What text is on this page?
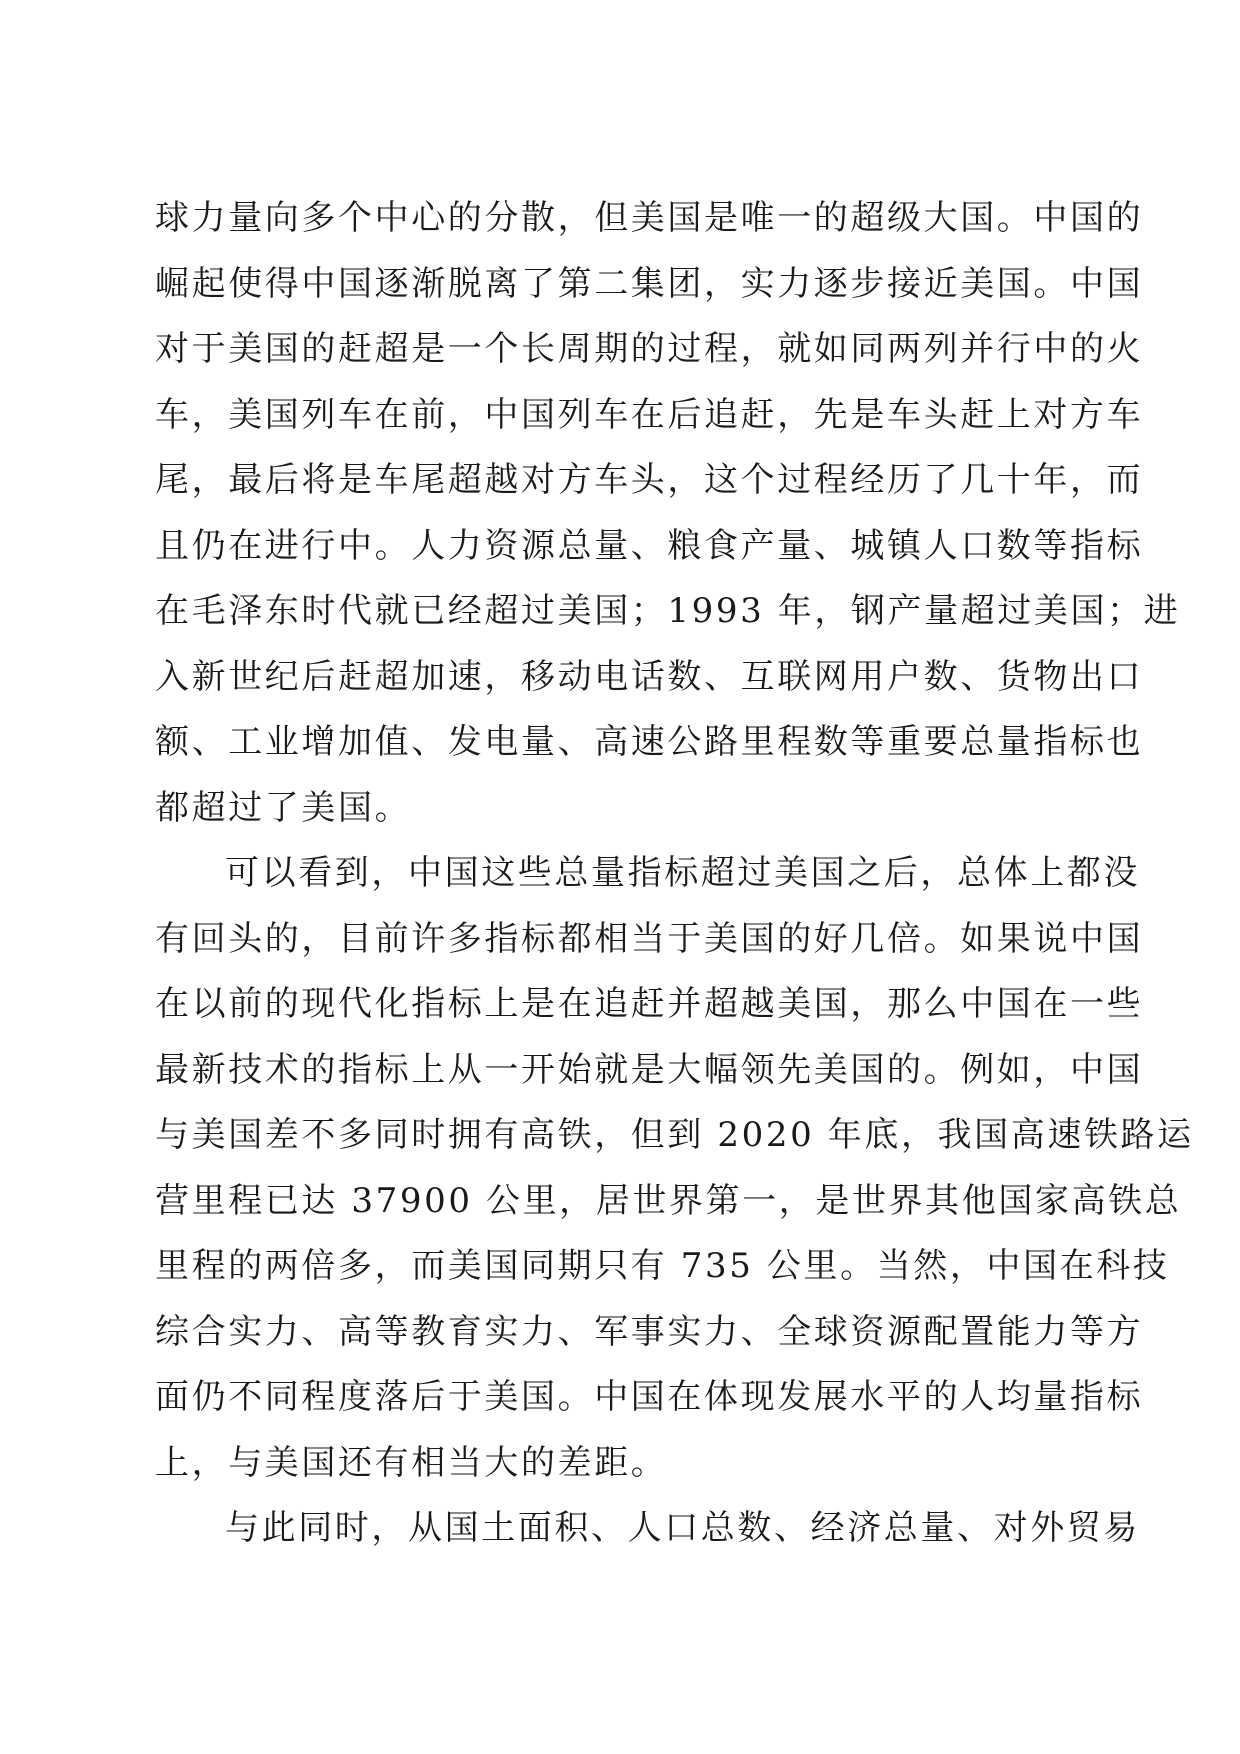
球力量向多个中心的分散，但美国是唯一的超级大国。中国的
崛起使得中国逐渐脱离了第二集团，实力逐步接近美国。中国
对于美国的赶超是一个长周期的过程，就如同两列并行中的火
车，美国列车在前，中国列车在后追赶，先是车头赶上对方车
尾，最后将是车尾超越对方车头，这个过程经历了几十年，而
且仍在进行中。人力资源总量、粮食产量、城镇人口数等指标
在毛泽东时代就已经超过美国；1993 年，钢产量超过美国；进
入新世纪后赶超加速，移动电话数、互联网用户数、货物出口
额、工业增加值、发电量、高速公路里程数等重要总量指标也
都超过了美国。
可以看到，中国这些总量指标超过美国之后，总体上都没
有回头的，目前许多指标都相当于美国的好几倍。如果说中国
在以前的现代化指标上是在追赶并超越美国，那么中国在一些
最新技术的指标上从一开始就是大幅领先美国的。例如，中国
与美国差不多同时拥有高铁，但到 2020 年底，我国高速铁路运
营里程已达 37900 公里，居世界第一，是世界其他国家高铁总
里程的两倍多，而美国同期只有 735 公里。当然，中国在科技
综合实力、高等教育实力、军事实力、全球资源配置能力等方
面仍不同程度落后于美国。中国在体现发展水平的人均量指标
上，与美国还有相当大的差距。
与此同时，从国土面积、人口总数、经济总量、对外贸易
